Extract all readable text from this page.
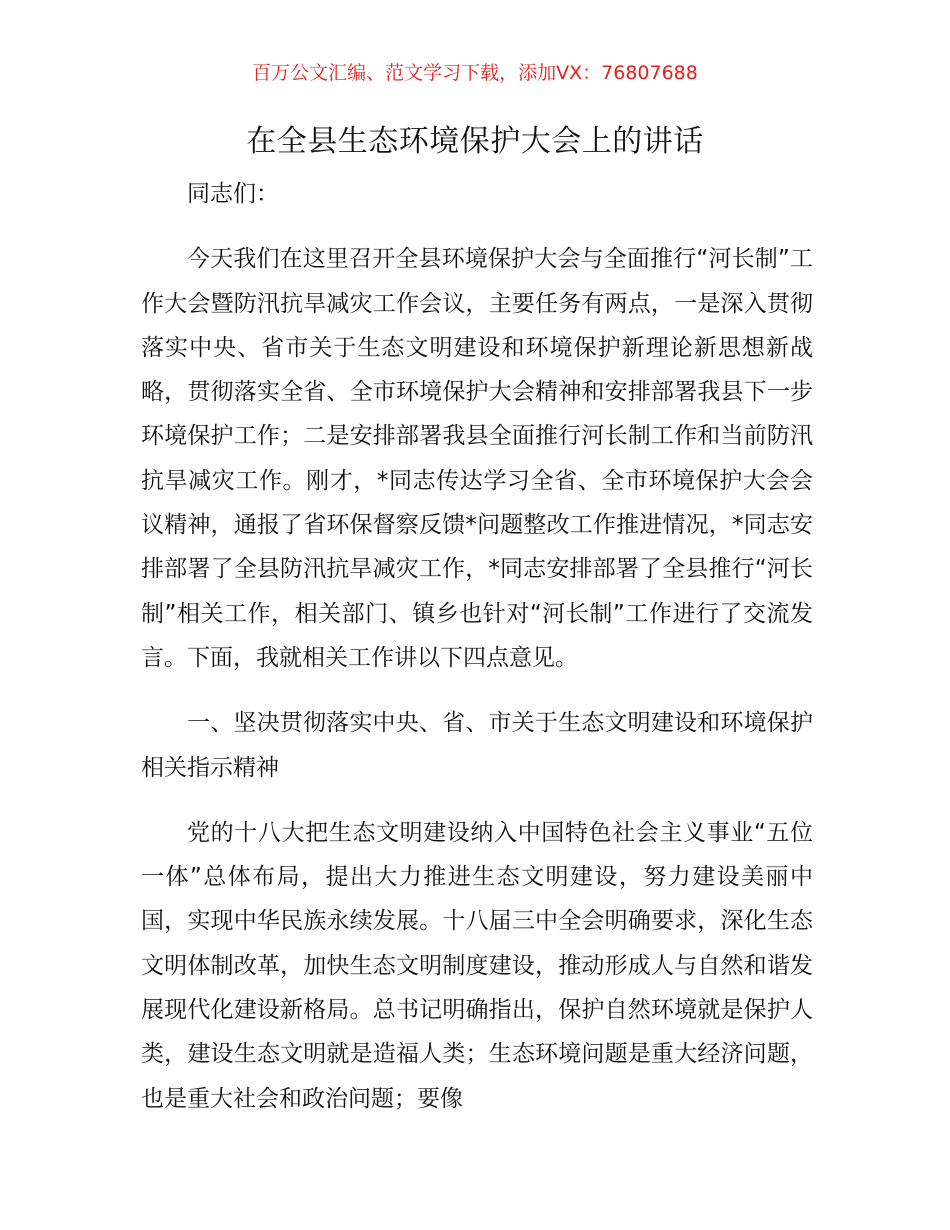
百万公文汇编、范文学习下载，添加VX：76807688
在全县生态环境保护大会上的讲话

同志们：

今天我们在这里召开全县环境保护大会与全面推行“河长制”工作大会暨防汛抗旱减灾工作会议，主要任务有两点，一是深入贯彻落实中央、省市关于生态文明建设和环境保护新理论新思想新战略，贯彻落实全省、全市环境保护大会精神和安排部署我县下一步环境保护工作；二是安排部署我县全面推行河长制工作和当前防汛抗旱减灾工作。刚才，*同志传达学习全省、全市环境保护大会会议精神，通报了省环保督察反馈*问题整改工作推进情况，*同志安排部署了全县防汛抗旱减灾工作，*同志安排部署了全县推行“河长制”相关工作，相关部门、镇乡也针对“河长制”工作进行了交流发言。下面，我就相关工作讲以下四点意见。

一、坚决贯彻落实中央、省、市关于生态文明建设和环境保护相关指示精神

党的十八大把生态文明建设纳入中国特色社会主义事业“五位一体”总体布局，提出大力推进生态文明建设，努力建设美丽中国，实现中华民族永续发展。十八届三中全会明确要求，深化生态文明体制改革，加快生态文明制度建设，推动形成人与自然和谐发展现代化建设新格局。总书记明确指出，保护自然环境就是保护人类，建设生态文明就是造福人类；生态环境问题是重大经济问题，也是重大社会和政治问题；要像
